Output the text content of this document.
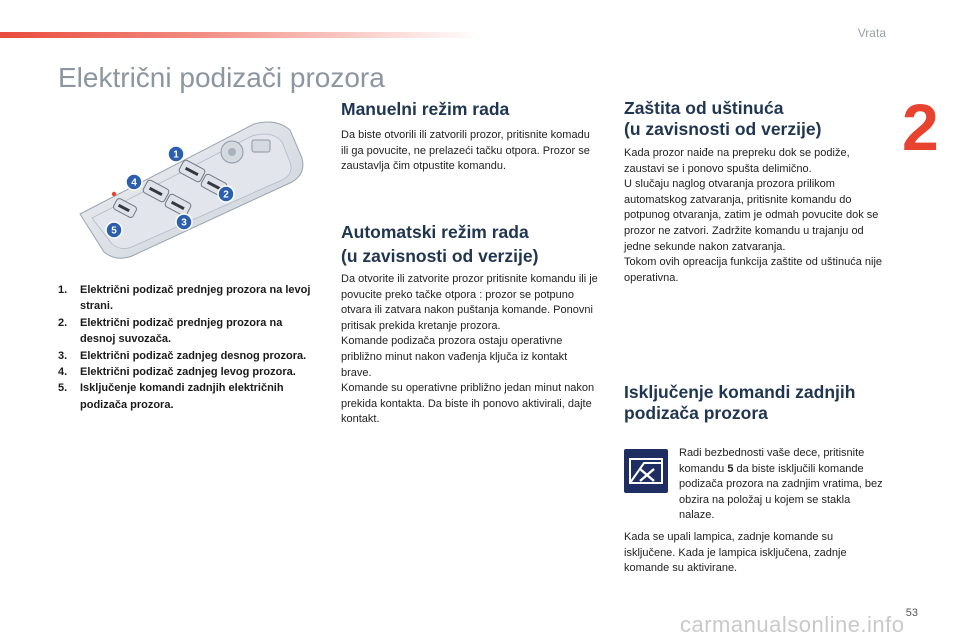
Vrata
2
Električni podizači prozora
1
2
3
4
5
1. Električni podizač prednjeg prozora na levoj strani.
2. Električni podizač prednjeg prozora na desnoj suvozača.
3. Električni podizač zadnjeg desnog prozora.
4. Električni podizač zadnjeg levog prozora.
5. Isključenje komandi zadnjih električnih podizača prozora.
Manuelni režim rada

Da biste otvorili ili zatvorili prozor, pritisnite komadu ili ga povucite, ne prelazeći tačku otpora. Prozor se zaustavlja čim otpustite komandu.

Automatski režim rada
(u zavisnosti od verzije)

Da otvorite ili zatvorite prozor pritisnite komandu ili je povucite preko tačke otpora : prozor se potpuno otvara ili zatvara nakon puštanja komande. Ponovni pritisak prekida kretanje prozora.
Komande podizača prozora ostaju operativne približno minut nakon vađenja ključa iz kontakt brave.
Komande su operativne približno jedan minut nakon prekida kontakta. Da biste ih ponovo aktivirali, dajte kontakt.

Zaštita od uštinuća
(u zavisnosti od verzije)

Kada prozor naiđe na prepreku dok se podiže, zaustavi se i ponovo spušta delimično.
U slučaju naglog otvaranja prozora prilikom automatskog zatvaranja, pritisnite komandu do potpunog otvaranja, zatim je odmah povucite dok se prozor ne zatvori. Zadržite komandu u trajanju od jedne sekunde nakon zatvaranja.
Tokom ovih opreacija funkcija zaštite od uštinuća nije operativna.

Isključenje komandi zadnjih podizača prozora

Radi bezbednosti vaše dece, pritisnite komandu 5 da biste isključili komande podizača prozora na zadnjim vratima, bez obzira na položaj u kojem se stakla nalaze.

Kada se upali lampica, zadnje komande su isključene. Kada je lampica isključena, zadnje komande su aktivirane.

53
carmanualsonline.info
